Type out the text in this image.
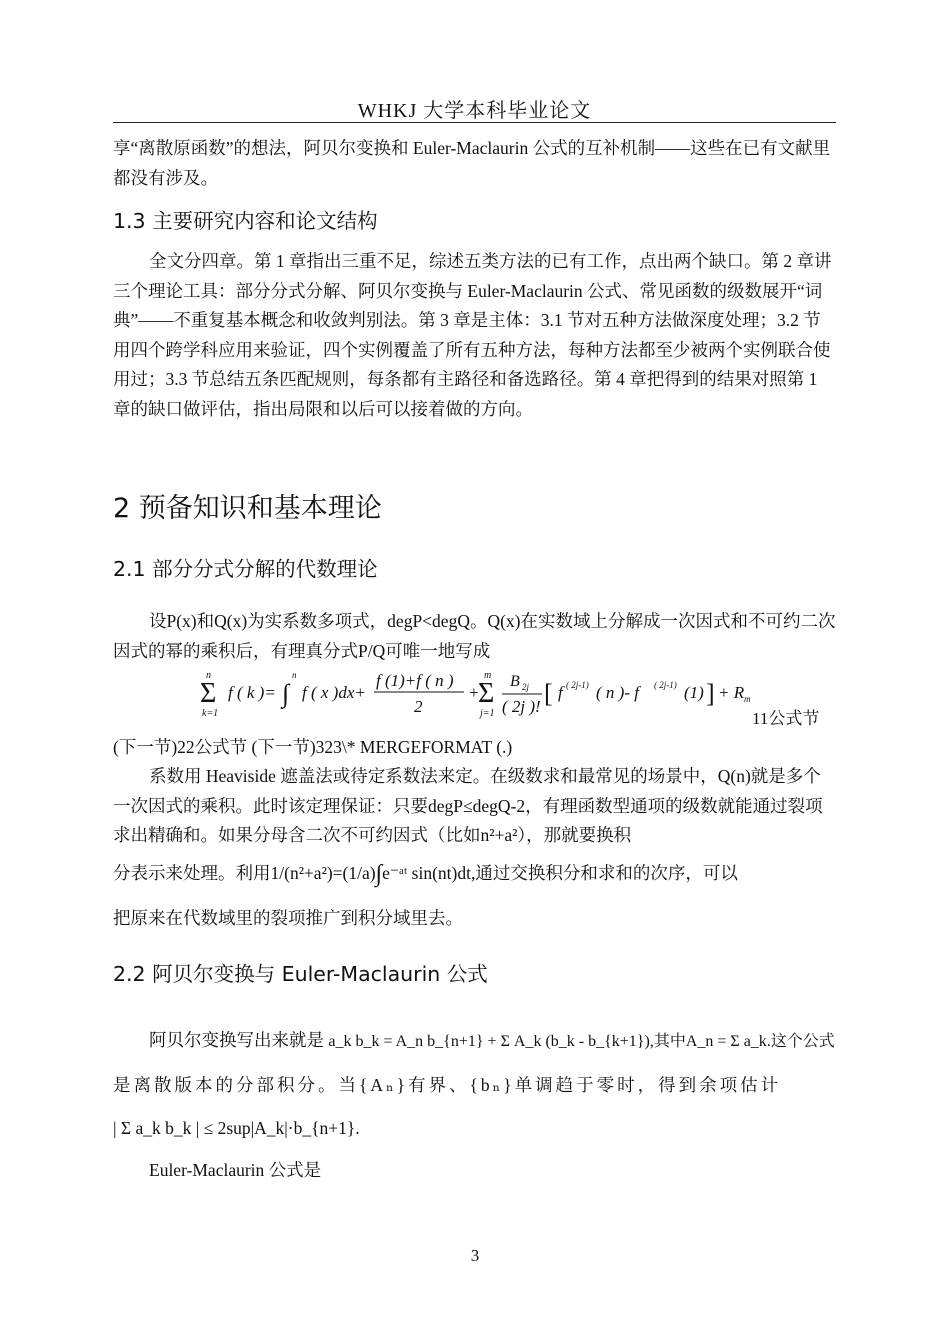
WHKJ 大学本科毕业论文

享“离散原函数”的想法，阿贝尔变换和 Euler-Maclaurin 公式的互补机制——这些在已有文献里都没有涉及。

1.3 主要研究内容和论文结构

全文分四章。第 1 章指出三重不足，综述五类方法的已有工作，点出两个缺口。第 2 章讲三个理论工具：部分分式分解、阿贝尔变换与 Euler-Maclaurin 公式、常见函数的级数展开“词典”——不重复基本概念和收敛判别法。第 3 章是主体：3.1 节对五种方法做深度处理；3.2 节用四个跨学科应用来验证，四个实例覆盖了所有五种方法，每种方法都至少被两个实例联合使用过；3.3 节总结五条匹配规则，每条都有主路径和备选路径。第 4 章把得到的结果对照第 1 章的缺口做评估，指出局限和以后可以接着做的方向。

2 预备知识和基本理论
2.1 部分分式分解的代数理论

设P(x)和Q(x)为实系数多项式，degP<degQ。Q(x)在实数域上分解成一次因式和不可约二次因式的幂的乘积后，有理真分式P/Q可唯一地写成

n
Σ
k=1
f ( k )= ∫
n
f ( x )dx+
f (1)+f ( n )
2
+
m
Σ
j=1
B 2j
( 2j )! [ f ( 2j-1) ( n )- f ( 2j-1) (1) ] + R m
11公式节

(下一节)22公式节 (下一节)323\* MERGEFORMAT (.)

系数用 Heaviside 遮盖法或待定系数法来定。在级数求和最常见的场景中，Q(n)就是多个一次因式的乘积。此时该定理保证：只要degP≤degQ-2，有理函数型通项的级数就能通过裂项求出精确和。如果分母含二次不可约因式（比如n²+a²），那就要换积

分表示来处理。利用1/(n²+a²)=(1/a)∫e⁻ᵃᵗ sin(nt)dt,通过交换积分和求和的次序，可以

把原来在代数域里的裂项推广到积分域里去。

2.2 阿贝尔变换与 Euler-Maclaurin 公式
阿贝尔变换写出来就是 a_k b_k = A_n b_{n+1} + Σ A_k (b_k - b_{k+1}),其中A_n = Σ a_k.这个公式

是离散版本的分部积分。当{Aₙ}有界、{bₙ}单调趋于零时，得到余项估计

| Σ a_k b_k | ≤ 2sup|A_k|·b_{n+1}.

Euler-Maclaurin 公式是

3
